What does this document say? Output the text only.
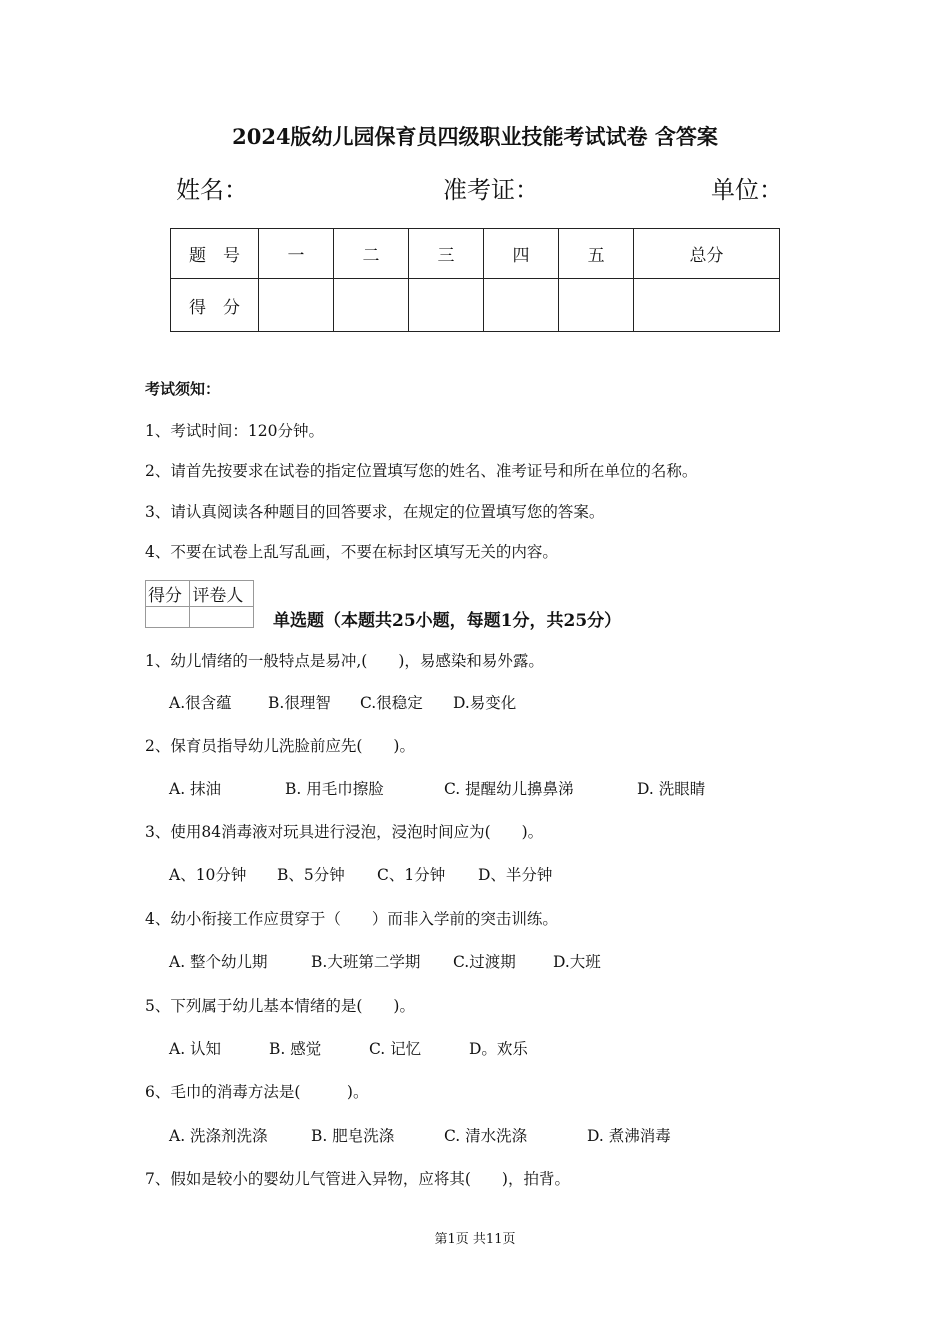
2024版幼儿园保育员四级职业技能考试试卷 含答案
姓名：	准考证：	单位：
题　号	一	二	三	四	五	总分
得　分						
考试须知：
1、考试时间：120分钟。
2、请首先按要求在试卷的指定位置填写您的姓名、准考证号和所在单位的名称。
3、请认真阅读各种题目的回答要求，在规定的位置填写您的答案。
4、不要在试卷上乱写乱画，不要在标封区填写无关的内容。
得分	评卷人

单选题（本题共25小题，每题1分，共25分）
1、幼儿情绪的一般特点是易冲,(　　)，易感染和易外露。
A.很含蕴 B.很理智 C.很稳定 D.易变化
2、保育员指导幼儿洗脸前应先(　　)。
A. 抹油	B. 用毛巾擦脸	C. 提醒幼儿擤鼻涕	D. 洗眼睛
3、使用84消毒液对玩具进行浸泡，浸泡时间应为(　　)。
A、10分钟 B、5分钟 C、1分钟 D、半分钟
4、幼小衔接工作应贯穿于（　　）而非入学前的突击训练。
A. 整个幼儿期	B.大班第二学期 C.过渡期 D.大班
5、下列属于幼儿基本情绪的是(　　)。
A. 认知	B. 感觉	C. 记忆	D。欢乐
6、毛巾的消毒方法是(　　　)。
A. 洗涤剂洗涤	B. 肥皂洗涤	C. 清水洗涤	D. 煮沸消毒
7、假如是较小的婴幼儿气管进入异物，应将其(　　)，拍背。
第1页 共11页
